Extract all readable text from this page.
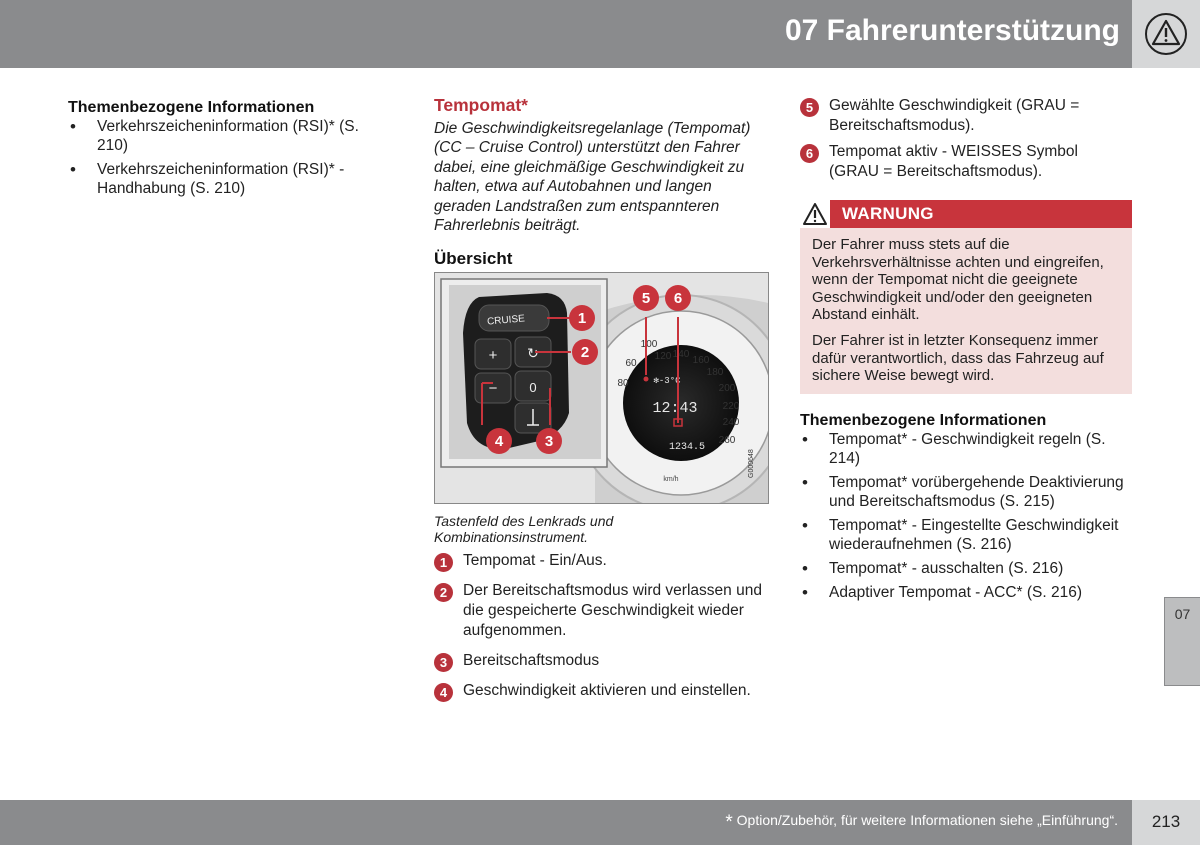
07 Fahrerunterstützung
Themenbezogene Informationen
• Verkehrszeicheninformation (RSI)* (S. 210)
• Verkehrszeicheninformation (RSI)* - Handhabung (S. 210)
Tempomat*

Die Geschwindigkeitsregelanlage (Tempomat) (CC – Cruise Control) unterstützt den Fahrer dabei, eine gleichmäßige Geschwindigkeit zu halten, etwa auf Autobahnen und langen geraden Landstraßen zum entspannteren Fahrerlebnis beiträgt.

Übersicht
60
80
100
120 140
160
180
200
220
240
260
✻-3°C
12:43
1234.5
km/h
G000648
CRUISE
+ ↻
− 0
1
2
3
4
5 6
Tastenfeld des Lenkrads und Kombinationsinstrument.
1	Tempomat - Ein/Aus.
2	Der Bereitschaftsmodus wird verlassen und die gespeicherte Geschwindigkeit wieder aufgenommen.
3	Bereitschaftsmodus
4	Geschwindigkeit aktivieren und einstellen.
5	Gewählte Geschwindigkeit (GRAU = Bereitschaftsmodus).
6	Tempomat aktiv - WEISSES Symbol (GRAU = Bereitschaftsmodus).
WARNUNG

Der Fahrer muss stets auf die Verkehrsverhältnisse achten und eingreifen, wenn der Tempomat nicht die geeignete Geschwindigkeit und/oder den geeigneten Abstand einhält.

Der Fahrer ist in letzter Konsequenz immer dafür verantwortlich, dass das Fahrzeug auf sichere Weise bewegt wird.

Themenbezogene Informationen
• Tempomat* - Geschwindigkeit regeln (S. 214)
• Tempomat* vorübergehende Deaktivierung und Bereitschaftsmodus (S. 215)
• Tempomat* - Eingestellte Geschwindigkeit wiederaufnehmen (S. 216)
• Tempomat* - ausschalten (S. 216)
• Adaptiver Tempomat - ACC* (S. 216)
07
* Option/Zubehör, für weitere Informationen siehe „Einführung“.	213
